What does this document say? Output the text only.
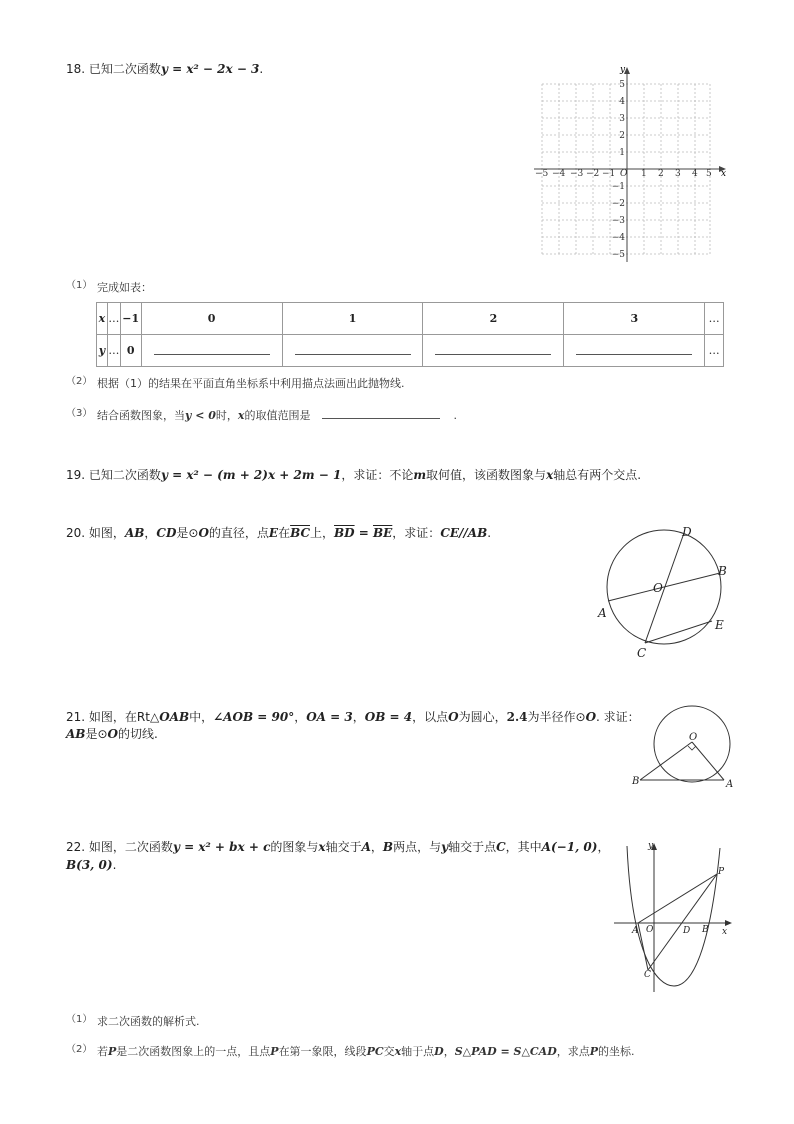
18. 已知二次函数y = x² − 2x − 3.
x
y
−5 −4 −3 −2 −1 O 1 2 3 4 5
5
4
3
2
1
−1
−2
−3
−4
−5
（1） 完成如表：
x	…	−1	0	1	2	3	…
y	…	0					…
（2） 根据（1）的结果在平面直角坐标系中利用描点法画出此抛物线.
（3） 结合函数图象，当y < 0时，x的取值范围是	.
19. 已知二次函数y = x² − (m + 2)x + 2m − 1，求证：不论m取何值，该函数图象与x轴总有两个交点.
20. 如图，AB，CD是⊙O的直径，点E在$\overline{BC}$上，$\overline{BD} = \overline{BE}$，求证：CE//AB.	D
B
O
A
E
C
21. 如图，在Rt△OAB中，∠AOB = 90°，OA = 3，OB = 4，以点O为圆心，2.4为半径作⊙O. 求证：
AB是⊙O的切线.	O
B	A
22. 如图，二次函数y = x² + bx + c的图象与x轴交于A，B两点，与y轴交于点C，其中A(−1, 0)，
B(3, 0).
y
P
A O	D B x
C
（1） 求二次函数的解析式.
（2） 若P是二次函数图象上的一点，且点P在第一象限，线段PC交x轴于点D，S△PAD = S△CAD，求点P的坐标.
